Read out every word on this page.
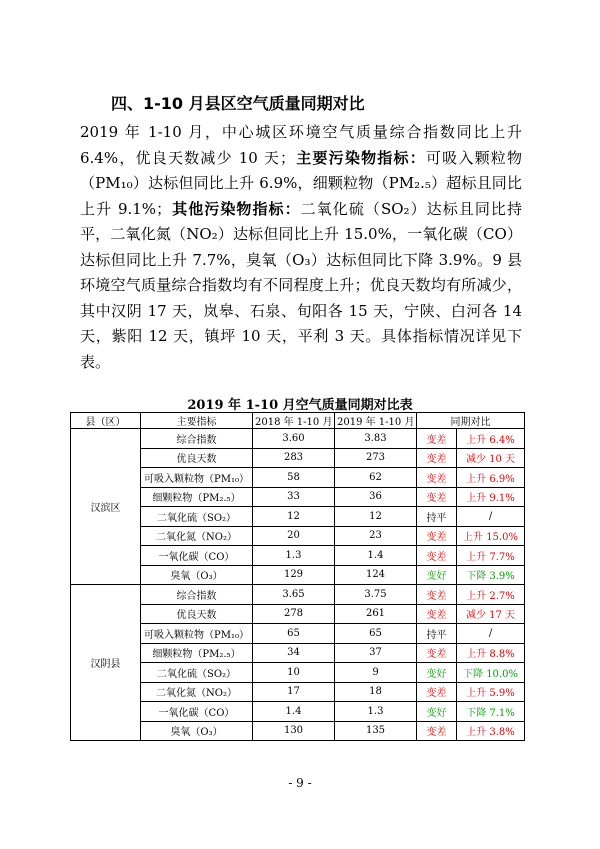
四、1-10 月县区空气质量同期对比
2019 年 1-10 月，中心城区环境空气质量综合指数同比上升 6.4%，优良天数减少 10 天；主要污染物指标：可吸入颗粒物（PM₁₀）达标但同比上升 6.9%，细颗粒物（PM₂.₅）超标且同比上升 9.1%；其他污染物指标：二氧化硫（SO₂）达标且同比持平，二氧化氮（NO₂）达标但同比上升 15.0%，一氧化碳（CO）达标但同比上升 7.7%，臭氧（O₃）达标但同比下降 3.9%。9 县环境空气质量综合指数均有不同程度上升；优良天数均有所减少，其中汉阴 17 天，岚皋、石泉、旬阳各 15 天，宁陕、白河各 14 天，紫阳 12 天，镇坪 10 天，平利 3 天。具体指标情况详见下表。
2019 年 1-10 月空气质量同期对比表
县（区）	主要指标	2018 年 1-10 月	2019 年 1-10 月	同期对比	
汉滨区	综合指数	3.60	3.83	变差	上升 6.4%
	优良天数	283	273	变差	减少 10 天
	可吸入颗粒物（PM₁₀）	58	62	变差	上升 6.9%
	细颗粒物（PM₂.₅）	33	36	变差	上升 9.1%
	二氧化硫（SO₂）	12	12	持平	/
	二氧化氮（NO₂）	20	23	变差	上升 15.0%
	一氧化碳（CO）	1.3	1.4	变差	上升 7.7%
	臭氧（O₃）	129	124	变好	下降 3.9%
汉阴县	综合指数	3.65	3.75	变差	上升 2.7%
	优良天数	278	261	变差	减少 17 天
	可吸入颗粒物（PM₁₀）	65	65	持平	/
	细颗粒物（PM₂.₅）	34	37	变差	上升 8.8%
	二氧化硫（SO₂）	10	9	变好	下降 10.0%
	二氧化氮（NO₂）	17	18	变差	上升 5.9%
	一氧化碳（CO）	1.4	1.3	变好	下降 7.1%
	臭氧（O₃）	130	135	变差	上升 3.8%
- 9 -
